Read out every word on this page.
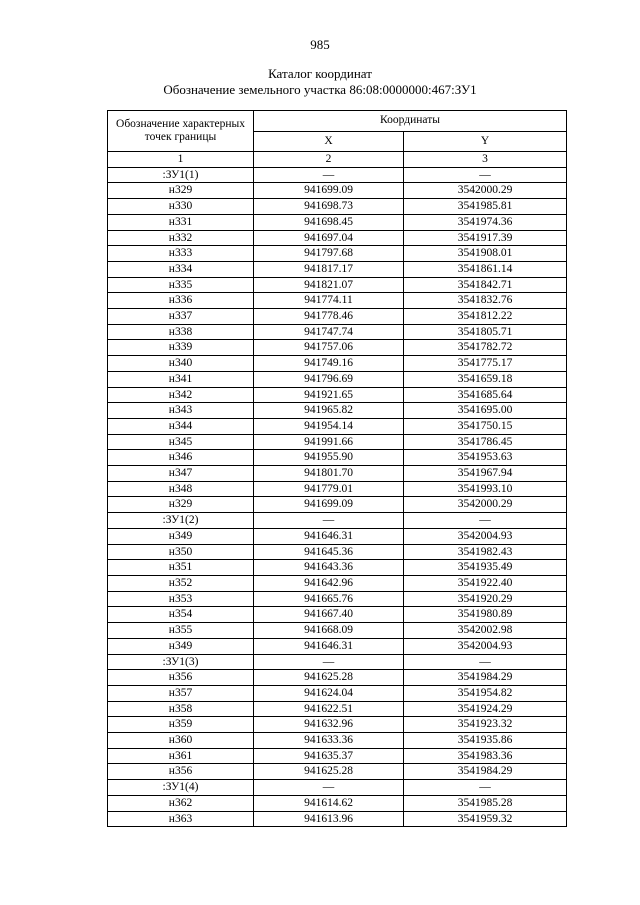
985
Каталог координат
Обозначение земельного участка 86:08:0000000:467:ЗУ1
Обозначение характерных точек границы	Координаты	
	X	Y
1	2	3
:ЗУ1(1)	—	—
н329	941699.09	3542000.29
н330	941698.73	3541985.81
н331	941698.45	3541974.36
н332	941697.04	3541917.39
н333	941797.68	3541908.01
н334	941817.17	3541861.14
н335	941821.07	3541842.71
н336	941774.11	3541832.76
н337	941778.46	3541812.22
н338	941747.74	3541805.71
н339	941757.06	3541782.72
н340	941749.16	3541775.17
н341	941796.69	3541659.18
н342	941921.65	3541685.64
н343	941965.82	3541695.00
н344	941954.14	3541750.15
н345	941991.66	3541786.45
н346	941955.90	3541953.63
н347	941801.70	3541967.94
н348	941779.01	3541993.10
н329	941699.09	3542000.29
:ЗУ1(2)	—	—
н349	941646.31	3542004.93
н350	941645.36	3541982.43
н351	941643.36	3541935.49
н352	941642.96	3541922.40
н353	941665.76	3541920.29
н354	941667.40	3541980.89
н355	941668.09	3542002.98
н349	941646.31	3542004.93
:ЗУ1(3)	—	—
н356	941625.28	3541984.29
н357	941624.04	3541954.82
н358	941622.51	3541924.29
н359	941632.96	3541923.32
н360	941633.36	3541935.86
н361	941635.37	3541983.36
н356	941625.28	3541984.29
:ЗУ1(4)	—	—
н362	941614.62	3541985.28
н363	941613.96	3541959.32
